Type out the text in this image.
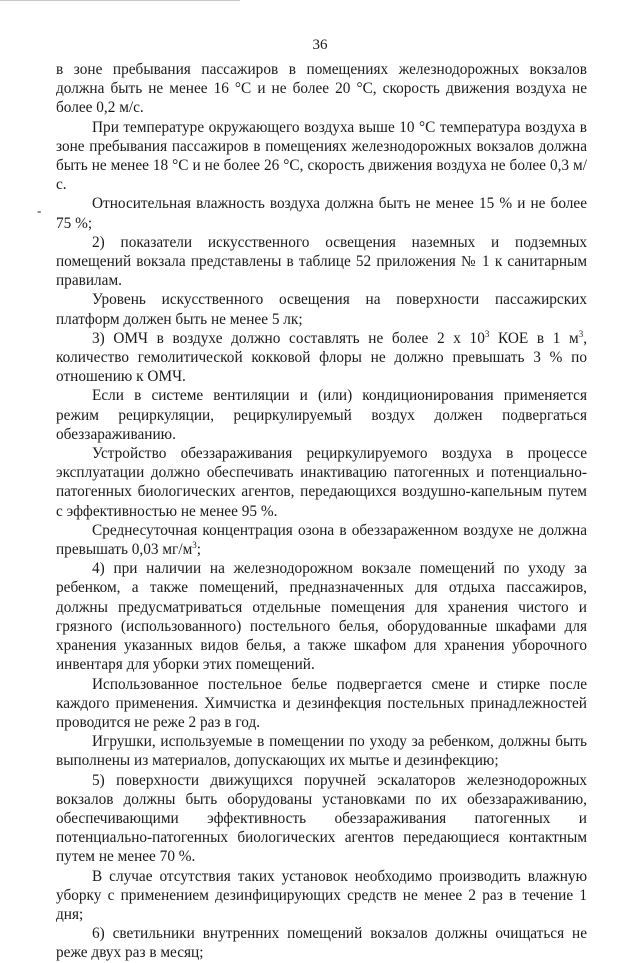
36
-

в зоне пребывания пассажиров в помещениях железнодорожных вокзалов должна быть не менее 16 °С и не более 20 °С, скорость движения воздуха не более 0,2 м/с.

При температуре окружающего воздуха выше 10 °С температура воздуха в зоне пребывания пассажиров в помещениях железнодорожных вокзалов должна быть не менее 18 °С и не более 26 °С, скорость движения воздуха не более 0,3 м/с.

Относительная влажность воздуха должна быть не менее 15 % и не более 75 %;

2) показатели искусственного освещения наземных и подземных помещений вокзала представлены в таблице 52 приложения № 1 к санитарным правилам.

Уровень искусственного освещения на поверхности пассажирских платформ должен быть не менее 5 лк;

3) ОМЧ в воздухе должно составлять не более 2 х $10^3$ КОЕ в 1 $м^3$, количество гемолитической кокковой флоры не должно превышать 3 % по отношению к ОМЧ.

Если в системе вентиляции и (или) кондиционирования применяется режим рециркуляции, рециркулируемый воздух должен подвергаться обеззараживанию.

Устройство обеззараживания рециркулируемого воздуха в процессе эксплуатации должно обеспечивать инактивацию патогенных и потенциально-патогенных биологических агентов, передающихся воздушно-капельным путем с эффективностью не менее 95 %.

Среднесуточная концентрация озона в обеззараженном воздухе не должна превышать 0,03 $мг/м^3$;

4) при наличии на железнодорожном вокзале помещений по уходу за ребенком, а также помещений, предназначенных для отдыха пассажиров, должны предусматриваться отдельные помещения для хранения чистого и грязного (использованного) постельного белья, оборудованные шкафами для хранения указанных видов белья, а также шкафом для хранения уборочного инвентаря для уборки этих помещений.

Использованное постельное белье подвергается смене и стирке после каждого применения. Химчистка и дезинфекция постельных принадлежностей проводится не реже 2 раз в год.

Игрушки, используемые в помещении по уходу за ребенком, должны быть выполнены из материалов, допускающих их мытье и дезинфекцию;

5) поверхности движущихся поручней эскалаторов железнодорожных вокзалов должны быть оборудованы установками по их обеззараживанию, обеспечивающими эффективность обеззараживания патогенных и потенциально-патогенных биологических агентов передающиеся контактным путем не менее 70 %.

В случае отсутствия таких установок необходимо производить влажную уборку с применением дезинфицирующих средств не менее 2 раз в течение 1 дня;

6) светильники внутренних помещений вокзалов должны очищаться не реже двух раз в месяц;
